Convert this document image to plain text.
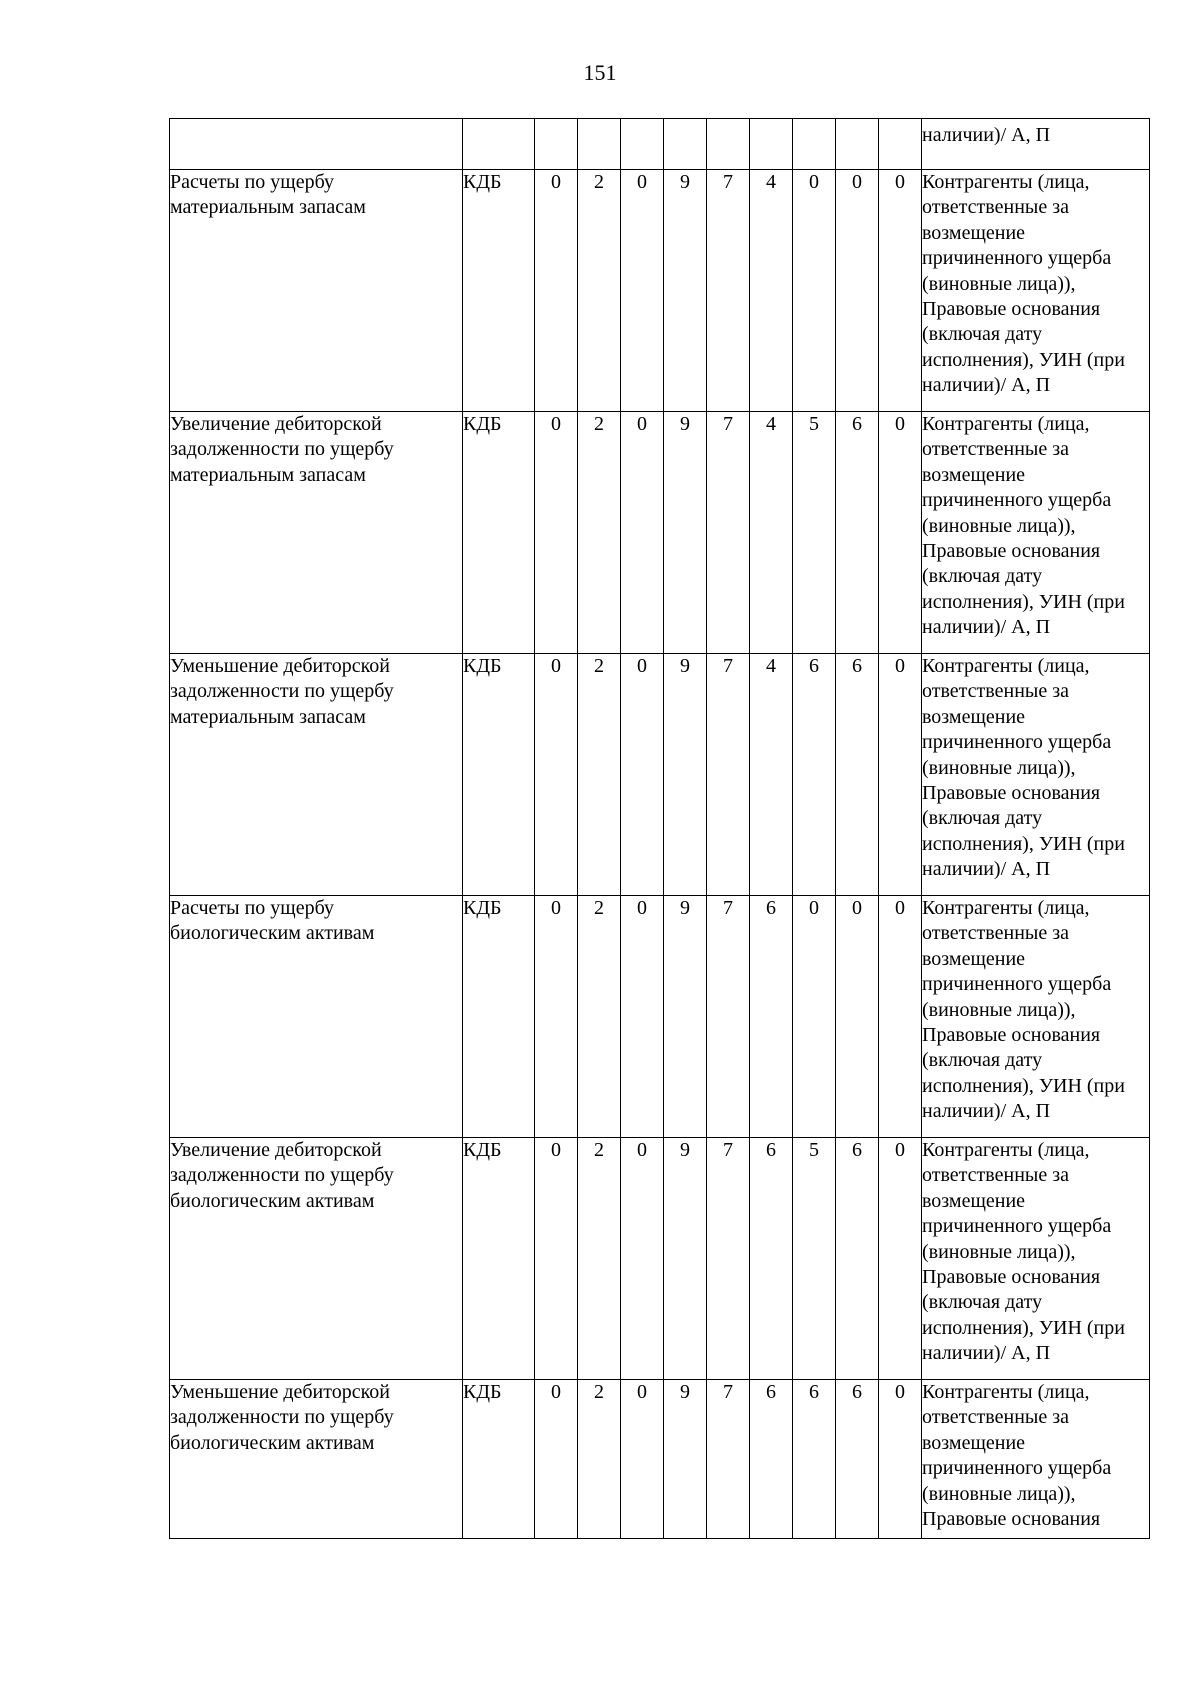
151
											наличии)/ А, П
Расчеты по ущербу материальным запасам	КДБ	0	2	0	9	7	4	0	0	0	Контрагенты (лица, ответственные за возмещение причиненного ущерба (виновные лица)), Правовые основания (включая дату исполнения), УИН (при наличии)/ А, П
Увеличение дебиторской задолженности по ущербу материальным запасам	КДБ	0	2	0	9	7	4	5	6	0	Контрагенты (лица, ответственные за возмещение причиненного ущерба (виновные лица)), Правовые основания (включая дату исполнения), УИН (при наличии)/ А, П
Уменьшение дебиторской задолженности по ущербу материальным запасам	КДБ	0	2	0	9	7	4	6	6	0	Контрагенты (лица, ответственные за возмещение причиненного ущерба (виновные лица)), Правовые основания (включая дату исполнения), УИН (при наличии)/ А, П
Расчеты по ущербу биологическим активам	КДБ	0	2	0	9	7	6	0	0	0	Контрагенты (лица, ответственные за возмещение причиненного ущерба (виновные лица)), Правовые основания (включая дату исполнения), УИН (при наличии)/ А, П
Увеличение дебиторской задолженности по ущербу биологическим активам	КДБ	0	2	0	9	7	6	5	6	0	Контрагенты (лица, ответственные за возмещение причиненного ущерба (виновные лица)), Правовые основания (включая дату исполнения), УИН (при наличии)/ А, П
Уменьшение дебиторской задолженности по ущербу биологическим активам	КДБ	0	2	0	9	7	6	6	6	0	Контрагенты (лица, ответственные за возмещение причиненного ущерба (виновные лица)), Правовые основания
